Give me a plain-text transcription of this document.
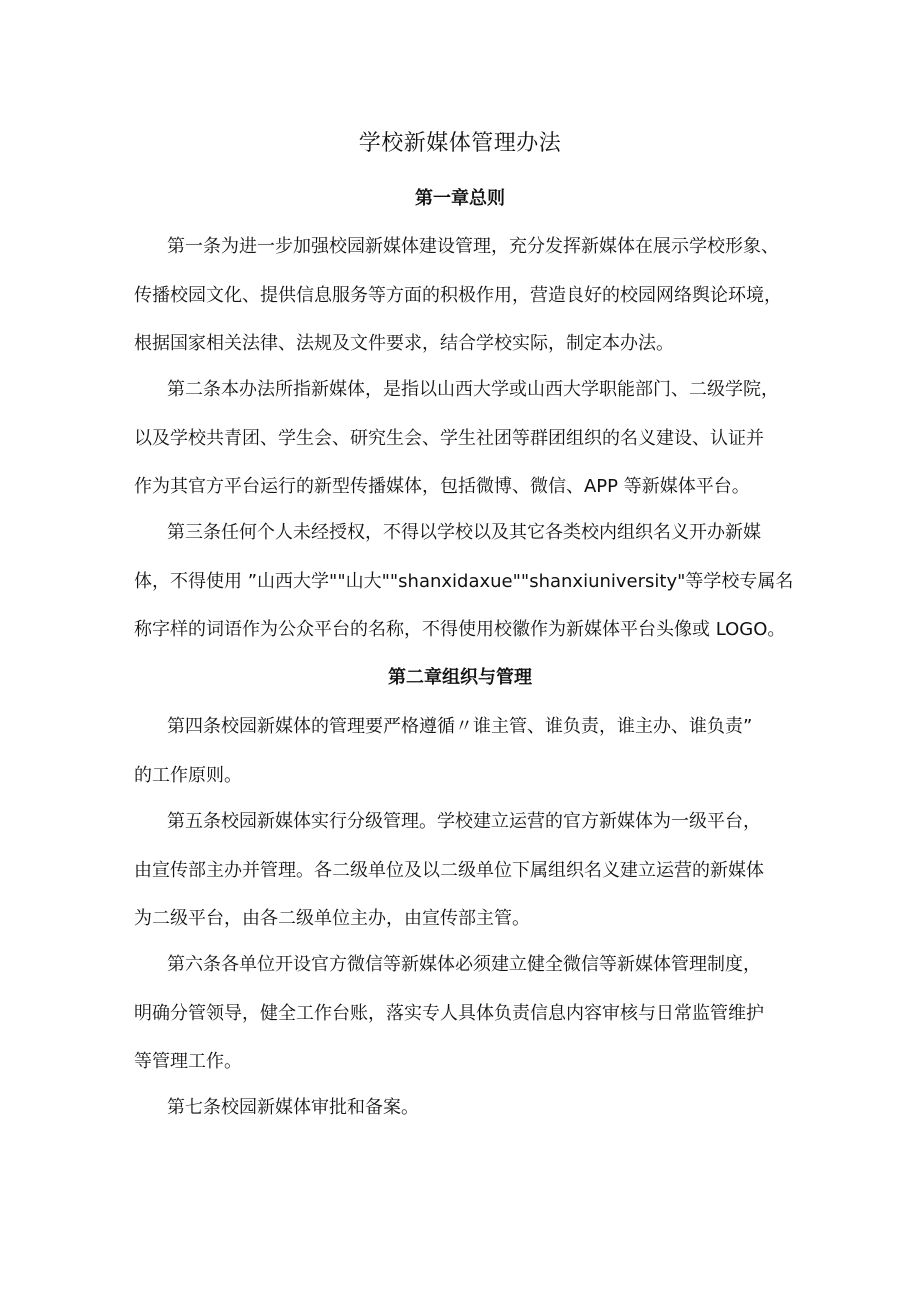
学校新媒体管理办法
第一章总则
第一条为进一步加强校园新媒体建设管理，充分发挥新媒体在展示学校形象、
传播校园文化、提供信息服务等方面的积极作用，营造良好的校园网络舆论环境，
根据国家相关法律、法规及文件要求，结合学校实际，制定本办法。
第二条本办法所指新媒体，是指以山西大学或山西大学职能部门、二级学院，
以及学校共青团、学生会、研究生会、学生社团等群团组织的名义建设、认证并
作为其官方平台运行的新型传播媒体，包括微博、微信、APP 等新媒体平台。
第三条任何个人未经授权，不得以学校以及其它各类校内组织名义开办新媒
体，不得使用 ”山西大学""山大""shanxidaxue""shanxiuniversity"等学校专属名
称字样的词语作为公众平台的名称，不得使用校徽作为新媒体平台头像或 LOGO。
第二章组织与管理
第四条校园新媒体的管理要严格遵循〃谁主管、谁负责，谁主办、谁负责”
的工作原则。
第五条校园新媒体实行分级管理。学校建立运营的官方新媒体为一级平台，
由宣传部主办并管理。各二级单位及以二级单位下属组织名义建立运营的新媒体
为二级平台，由各二级单位主办，由宣传部主管。
第六条各单位开设官方微信等新媒体必须建立健全微信等新媒体管理制度，
明确分管领导，健全工作台账，落实专人具体负责信息内容审核与日常监管维护
等管理工作。
第七条校园新媒体审批和备案。
